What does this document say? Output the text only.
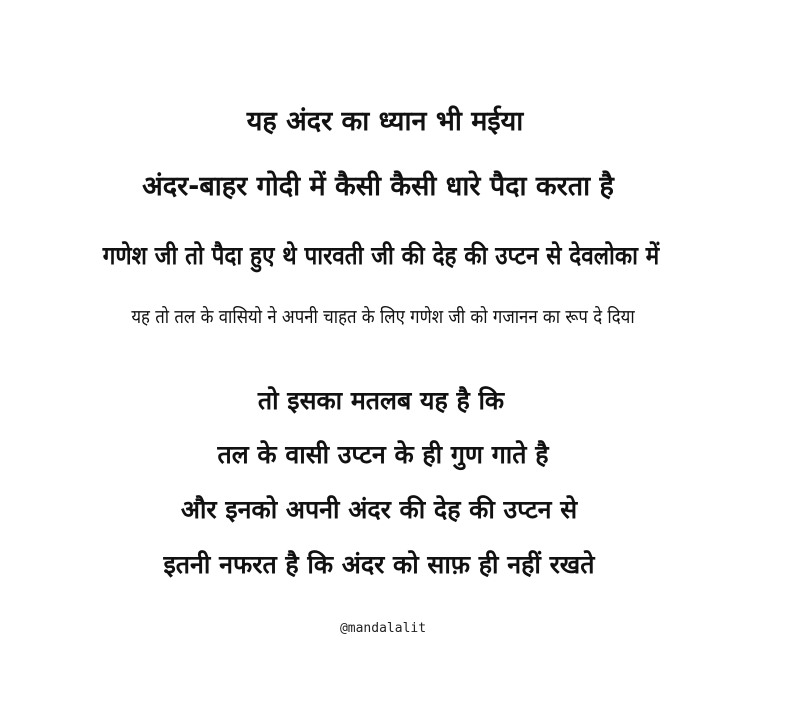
यह अंदर का ध्यान भी मईया
अंदर-बाहर गोदी में कैसी कैसी धारे पैदा करता है
गणेश जी तो पैदा हुए थे पारवती जी की देह की उप्टन से देवलोका में
यह तो तल के वासियो ने अपनी चाहत के लिए गणेश जी को गजानन का रूप दे दिया
तो इसका मतलब यह है कि
तल के वासी उप्टन के ही गुण गाते है
और इनको अपनी अंदर की देह की उप्टन से
इतनी नफरत है कि अंदर को साफ़ ही नहीं रखते
@mandalalit
